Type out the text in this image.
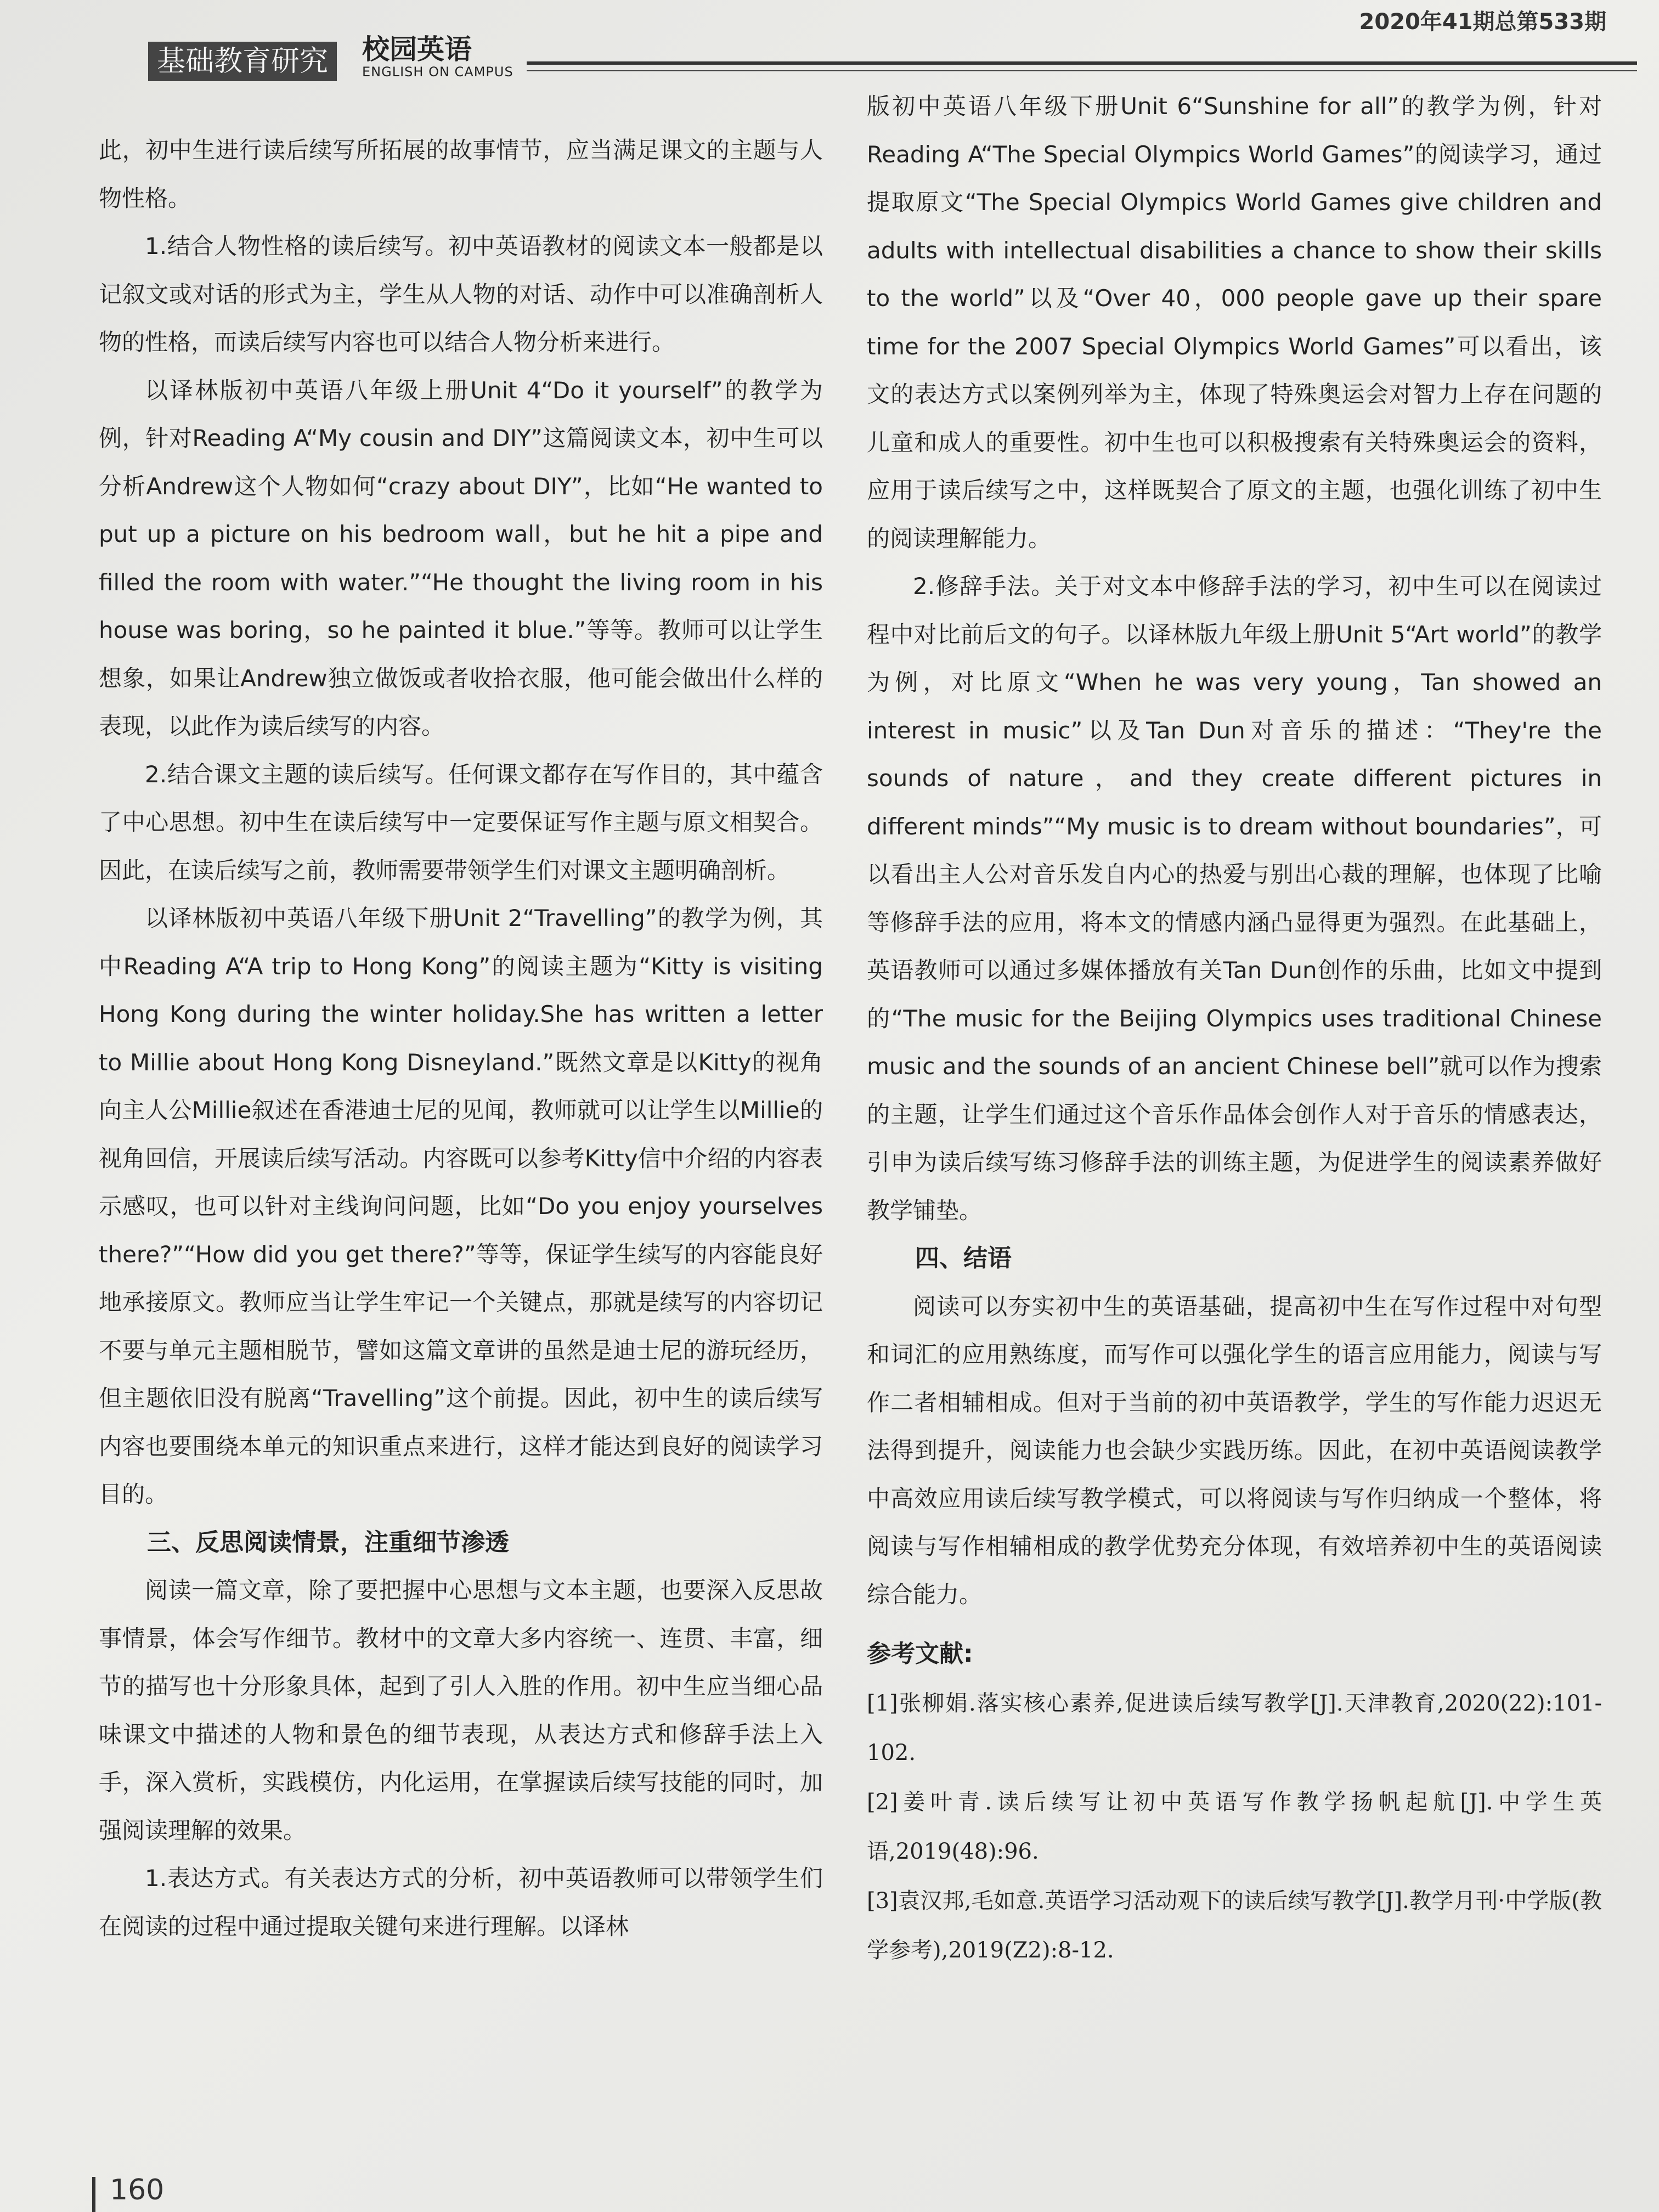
2020年41期总第533期
基础教育研究	校园英语
ENGLISH ON CAMPUS

此，初中生进行读后续写所拓展的故事情节，应当满足课文的主题与人物性格。

1.结合人物性格的读后续写。初中英语教材的阅读文本一般都是以记叙文或对话的形式为主，学生从人物的对话、动作中可以准确剖析人物的性格，而读后续写内容也可以结合人物分析来进行。

以译林版初中英语八年级上册Unit 4“Do it yourself”的教学为例，针对Reading A“My cousin and DIY”这篇阅读文本，初中生可以分析Andrew这个人物如何“crazy about DIY”，比如“He wanted to put up a picture on his bedroom wall，but he hit a pipe and filled the room with water.”“He thought the living room in his house was boring，so he painted it blue.”等等。教师可以让学生想象，如果让Andrew独立做饭或者收拾衣服，他可能会做出什么样的表现，以此作为读后续写的内容。

2.结合课文主题的读后续写。任何课文都存在写作目的，其中蕴含了中心思想。初中生在读后续写中一定要保证写作主题与原文相契合。因此，在读后续写之前，教师需要带领学生们对课文主题明确剖析。

以译林版初中英语八年级下册Unit 2“Travelling”的教学为例，其中Reading A“A trip to Hong Kong”的阅读主题为“Kitty is visiting Hong Kong during the winter holiday.She has written a letter to Millie about Hong Kong Disneyland.”既然文章是以Kitty的视角向主人公Millie叙述在香港迪士尼的见闻，教师就可以让学生以Millie的视角回信，开展读后续写活动。内容既可以参考Kitty信中介绍的内容表示感叹，也可以针对主线询问问题，比如“Do you enjoy yourselves there?”“How did you get there?”等等，保证学生续写的内容能良好地承接原文。教师应当让学生牢记一个关键点，那就是续写的内容切记不要与单元主题相脱节，譬如这篇文章讲的虽然是迪士尼的游玩经历，但主题依旧没有脱离“Travelling”这个前提。因此，初中生的读后续写内容也要围绕本单元的知识重点来进行，这样才能达到良好的阅读学习目的。

三、反思阅读情景，注重细节渗透

阅读一篇文章，除了要把握中心思想与文本主题，也要深入反思故事情景，体会写作细节。教材中的文章大多内容统一、连贯、丰富，细节的描写也十分形象具体，起到了引人入胜的作用。初中生应当细心品味课文中描述的人物和景色的细节表现，从表达方式和修辞手法上入手，深入赏析，实践模仿，内化运用，在掌握读后续写技能的同时，加强阅读理解的效果。

1.表达方式。有关表达方式的分析，初中英语教师可以带领学生们在阅读的过程中通过提取关键句来进行理解。以译林

版初中英语八年级下册Unit 6“Sunshine for all”的教学为例，针对Reading A“The Special Olympics World Games”的阅读学习，通过提取原文“The Special Olympics World Games give children and adults with intellectual disabilities a chance to show their skills to the world”以及“Over 40，000 people gave up their spare time for the 2007 Special Olympics World Games”可以看出，该文的表达方式以案例列举为主，体现了特殊奥运会对智力上存在问题的儿童和成人的重要性。初中生也可以积极搜索有关特殊奥运会的资料，应用于读后续写之中，这样既契合了原文的主题，也强化训练了初中生的阅读理解能力。

2.修辞手法。关于对文本中修辞手法的学习，初中生可以在阅读过程中对比前后文的句子。以译林版九年级上册Unit 5“Art world”的教学为例，对比原文“When he was very young，Tan showed an interest in music”以及Tan Dun对音乐的描述：“They're the sounds of nature，and they create different pictures in different minds”“My music is to dream without boundaries”，可以看出主人公对音乐发自内心的热爱与别出心裁的理解，也体现了比喻等修辞手法的应用，将本文的情感内涵凸显得更为强烈。在此基础上，英语教师可以通过多媒体播放有关Tan Dun创作的乐曲，比如文中提到的“The music for the Beijing Olympics uses traditional Chinese music and the sounds of an ancient Chinese bell”就可以作为搜索的主题，让学生们通过这个音乐作品体会创作人对于音乐的情感表达，引申为读后续写练习修辞手法的训练主题，为促进学生的阅读素养做好教学铺垫。

四、结语

阅读可以夯实初中生的英语基础，提高初中生在写作过程中对句型和词汇的应用熟练度，而写作可以强化学生的语言应用能力，阅读与写作二者相辅相成。但对于当前的初中英语教学，学生的写作能力迟迟无法得到提升，阅读能力也会缺少实践历练。因此，在初中英语阅读教学中高效应用读后续写教学模式，可以将阅读与写作归纳成一个整体，将阅读与写作相辅相成的教学优势充分体现，有效培养初中生的英语阅读综合能力。

参考文献:

[1]张柳娟.落实核心素养,促进读后续写教学[J].天津教育,2020(22):101-102.

[2]姜叶青.读后续写让初中英语写作教学扬帆起航[J].中学生英语,2019(48):96.

[3]袁汉邦,毛如意.英语学习活动观下的读后续写教学[J].教学月刊·中学版(教学参考),2019(Z2):8-12.

160
